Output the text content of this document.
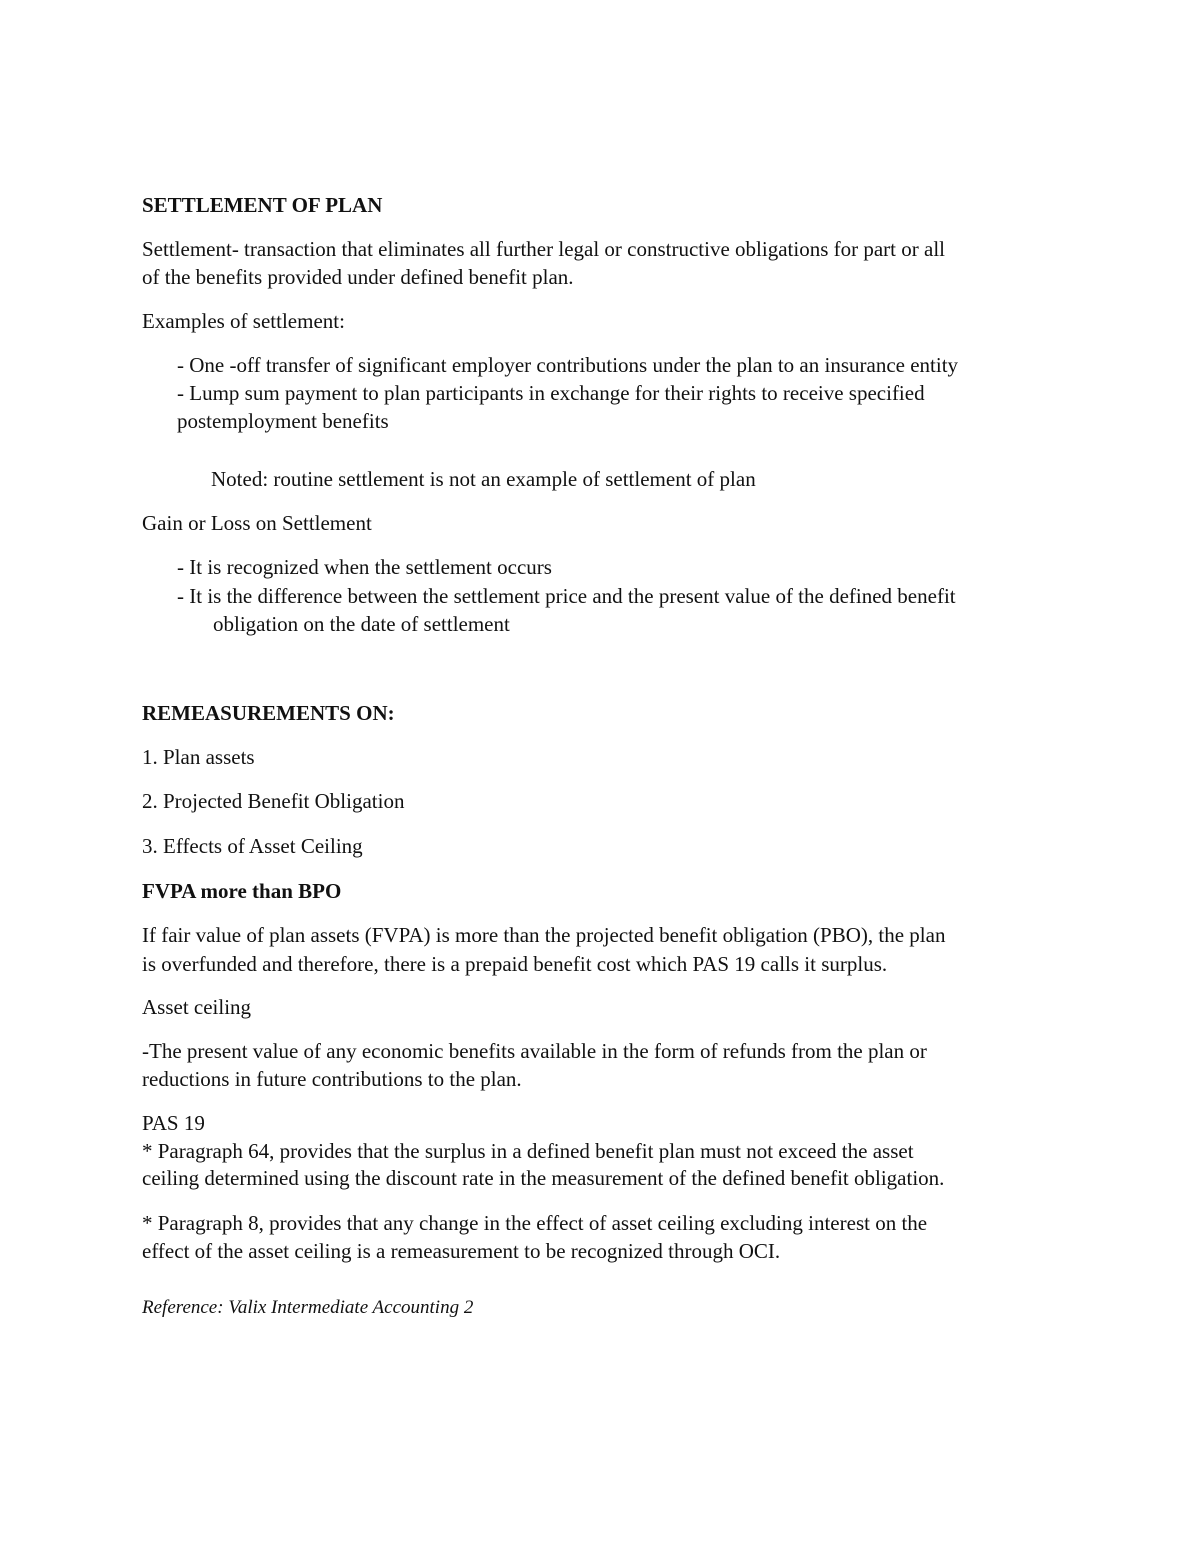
SETTLEMENT OF PLAN
Settlement- transaction that eliminates all further legal or constructive obligations for part or all
of the benefits provided under defined benefit plan.
Examples of settlement:
- One -off transfer of significant employer contributions under the plan to an insurance entity
- Lump sum payment to plan participants in exchange for their rights to receive specified
postemployment benefits
Noted: routine settlement is not an example of settlement of plan
Gain or Loss on Settlement
- It is recognized when the settlement occurs
- It is the difference between the settlement price and the present value of the defined benefit
obligation on the date of settlement
REMEASUREMENTS ON:
1. Plan assets
2. Projected Benefit Obligation
3. Effects of Asset Ceiling
FVPA more than BPO
If fair value of plan assets (FVPA) is more than the projected benefit obligation (PBO), the plan
is overfunded and therefore, there is a prepaid benefit cost which PAS 19 calls it surplus.
Asset ceiling
-The present value of any economic benefits available in the form of refunds from the plan or
reductions in future contributions to the plan.
PAS 19
* Paragraph 64, provides that the surplus in a defined benefit plan must not exceed the asset
ceiling determined using the discount rate in the measurement of the defined benefit obligation.
* Paragraph 8, provides that any change in the effect of asset ceiling excluding interest on the
effect of the asset ceiling is a remeasurement to be recognized through OCI.
Reference: Valix Intermediate Accounting 2
